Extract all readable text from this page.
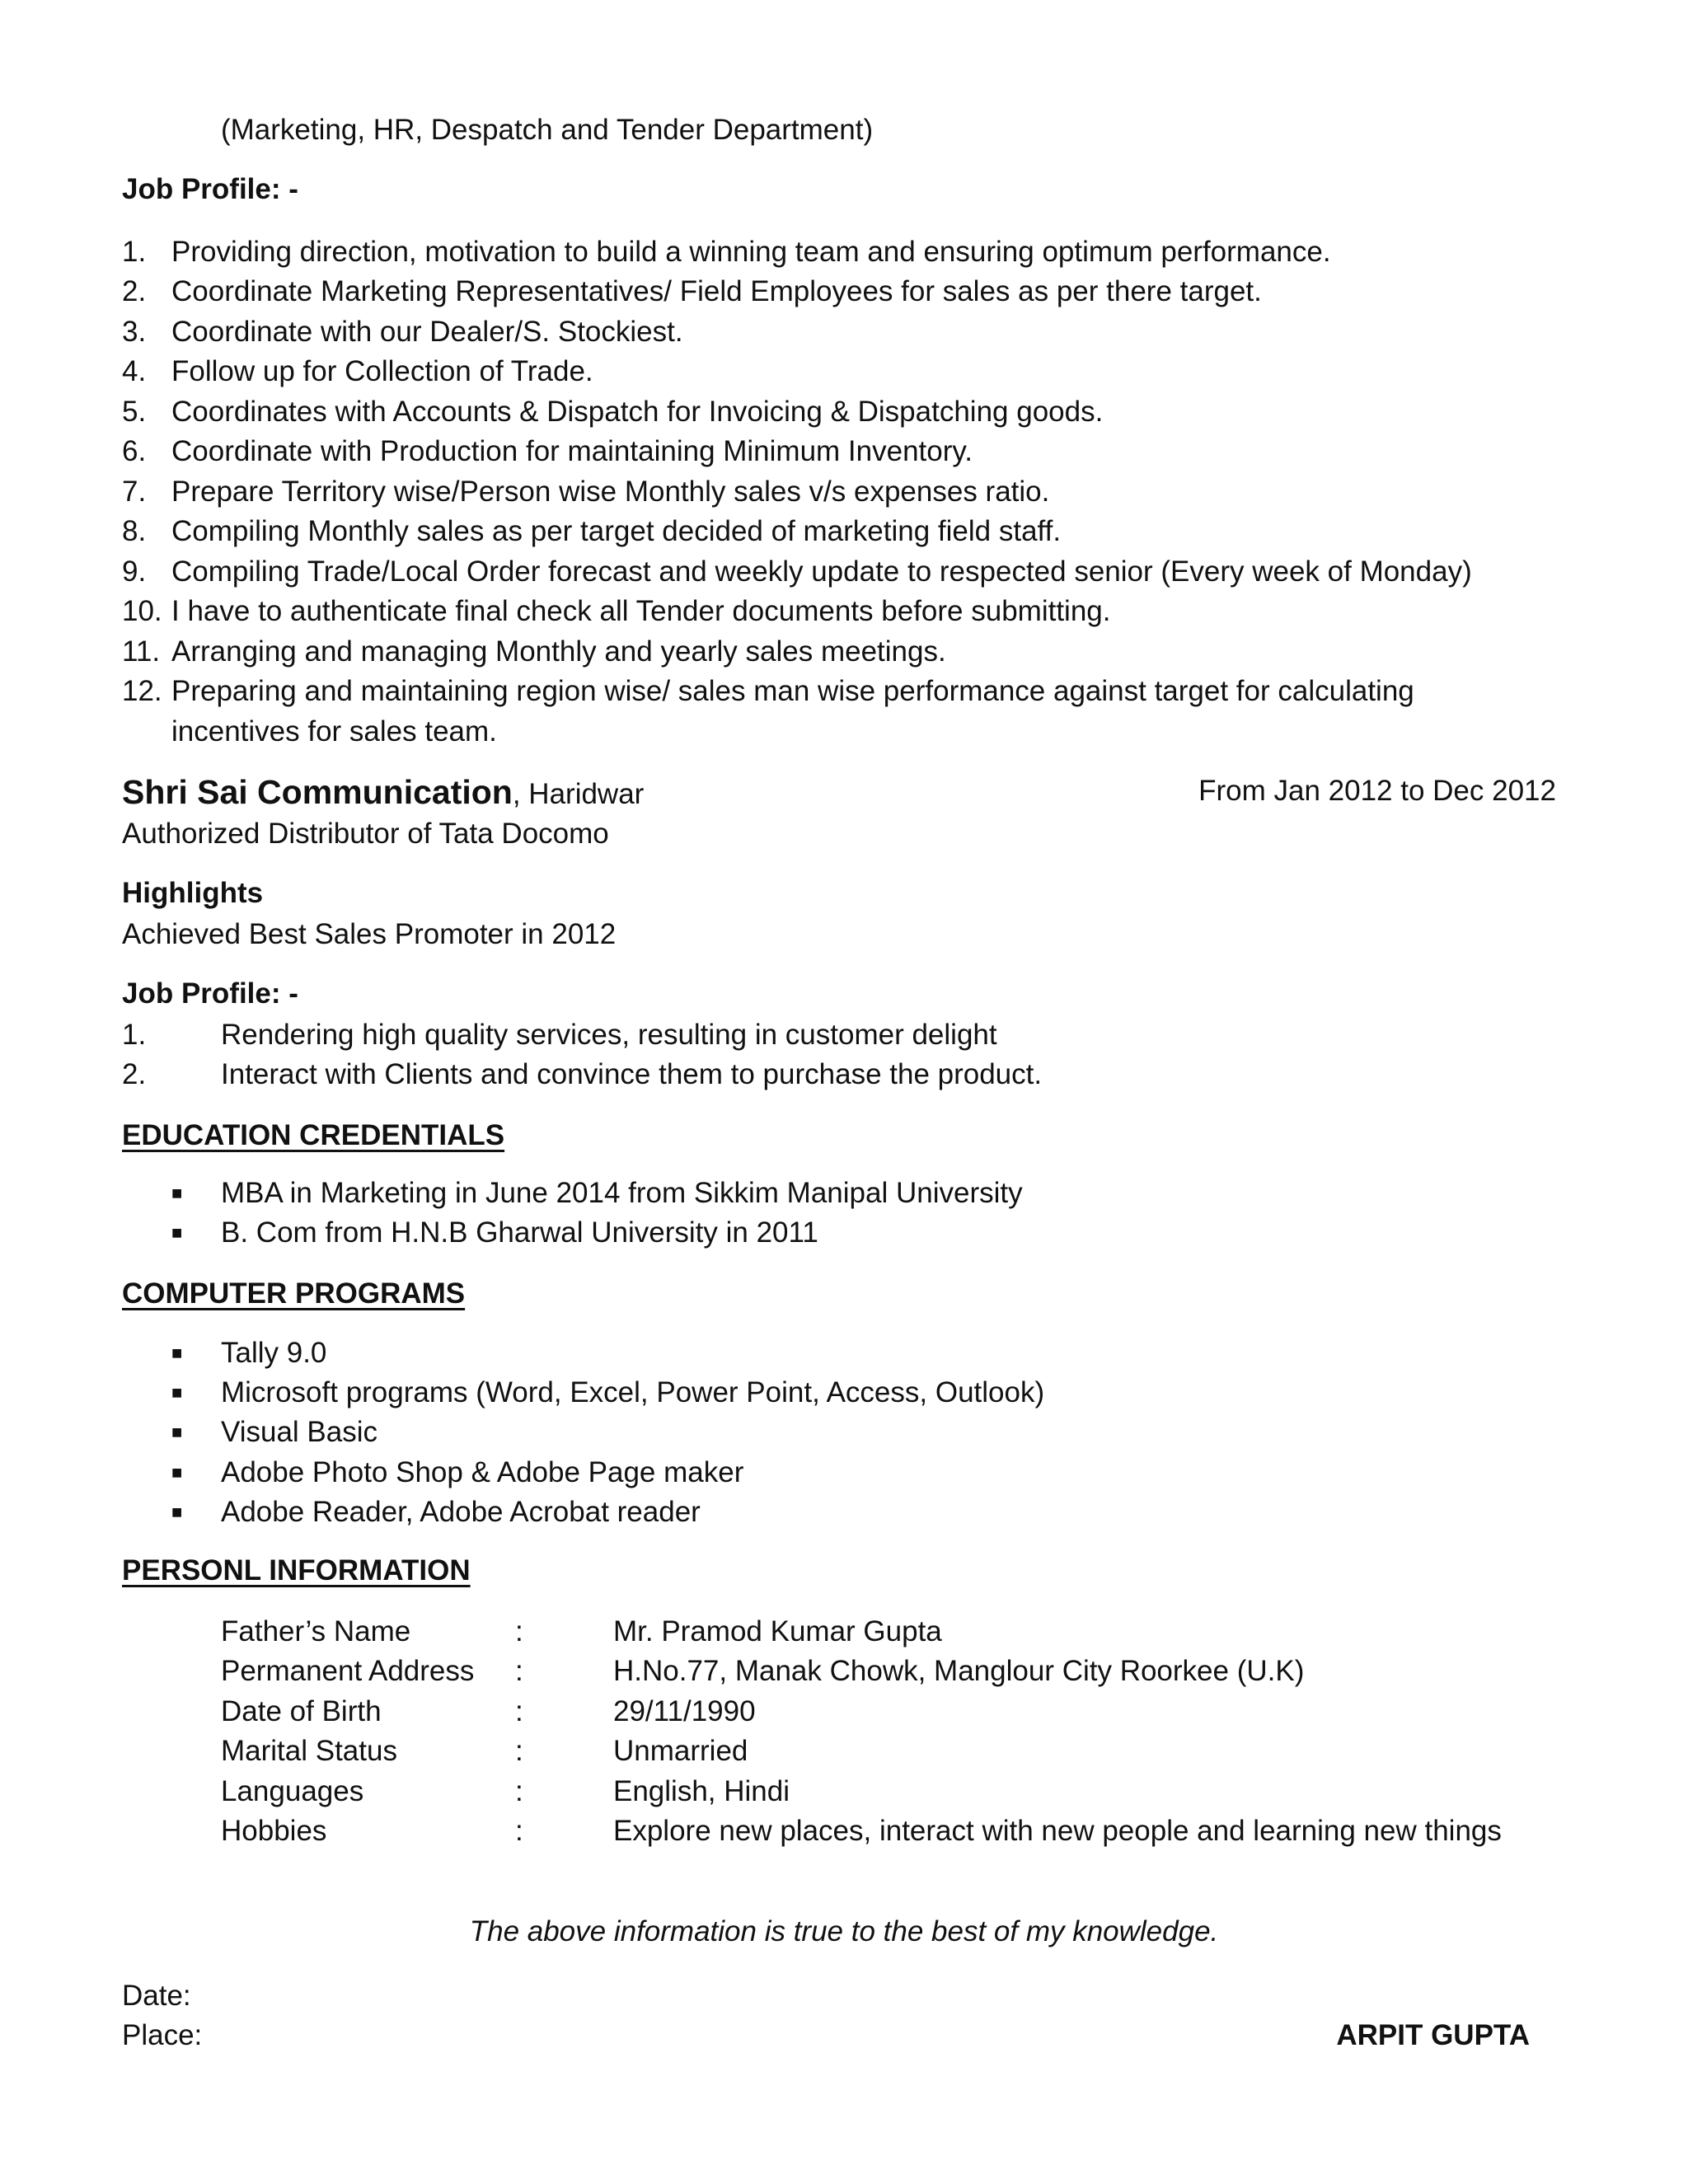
(Marketing, HR, Despatch and Tender Department)
Job Profile: -
1. Providing direction, motivation to build a winning team and ensuring optimum performance.
2. Coordinate Marketing Representatives/ Field Employees for sales as per there target.
3. Coordinate with our Dealer/S. Stockiest.
4. Follow up for Collection of Trade.
5. Coordinates with Accounts & Dispatch for Invoicing & Dispatching goods.
6. Coordinate with Production for maintaining Minimum Inventory.
7. Prepare Territory wise/Person wise Monthly sales v/s expenses ratio.
8. Compiling Monthly sales as per target decided of marketing field staff.
9. Compiling Trade/Local Order forecast and weekly update to respected senior (Every week of Monday)
10. I have to authenticate final check all Tender documents before submitting.
11. Arranging and managing Monthly and yearly sales meetings.
12. Preparing and maintaining region wise/ sales man wise performance against target for calculating
incentives for sales team.
Shri Sai Communication, Haridwar	From Jan 2012 to Dec 2012
Authorized Distributor of Tata Docomo
Highlights
Achieved Best Sales Promoter in 2012
Job Profile: -
1.	Rendering high quality services, resulting in customer delight
2.	Interact with Clients and convince them to purchase the product.
EDUCATION CREDENTIALS
■ MBA in Marketing in June 2014 from Sikkim Manipal University
■ B. Com from H.N.B Gharwal University in 2011
COMPUTER PROGRAMS
■ Tally 9.0
■ Microsoft programs (Word, Excel, Power Point, Access, Outlook)
■ Visual Basic
■ Adobe Photo Shop & Adobe Page maker
■ Adobe Reader, Adobe Acrobat reader
PERSONL INFORMATION
Father’s Name	:	Mr. Pramod Kumar Gupta
Permanent Address :	H.No.77, Manak Chowk, Manglour City Roorkee (U.K)
Date of Birth	:	29/11/1990
Marital Status	:	Unmarried
Languages	:	English, Hindi
Hobbies	:	Explore new places, interact with new people and learning new things
The above information is true to the best of my knowledge.
Date:
Place:	ARPIT GUPTA
